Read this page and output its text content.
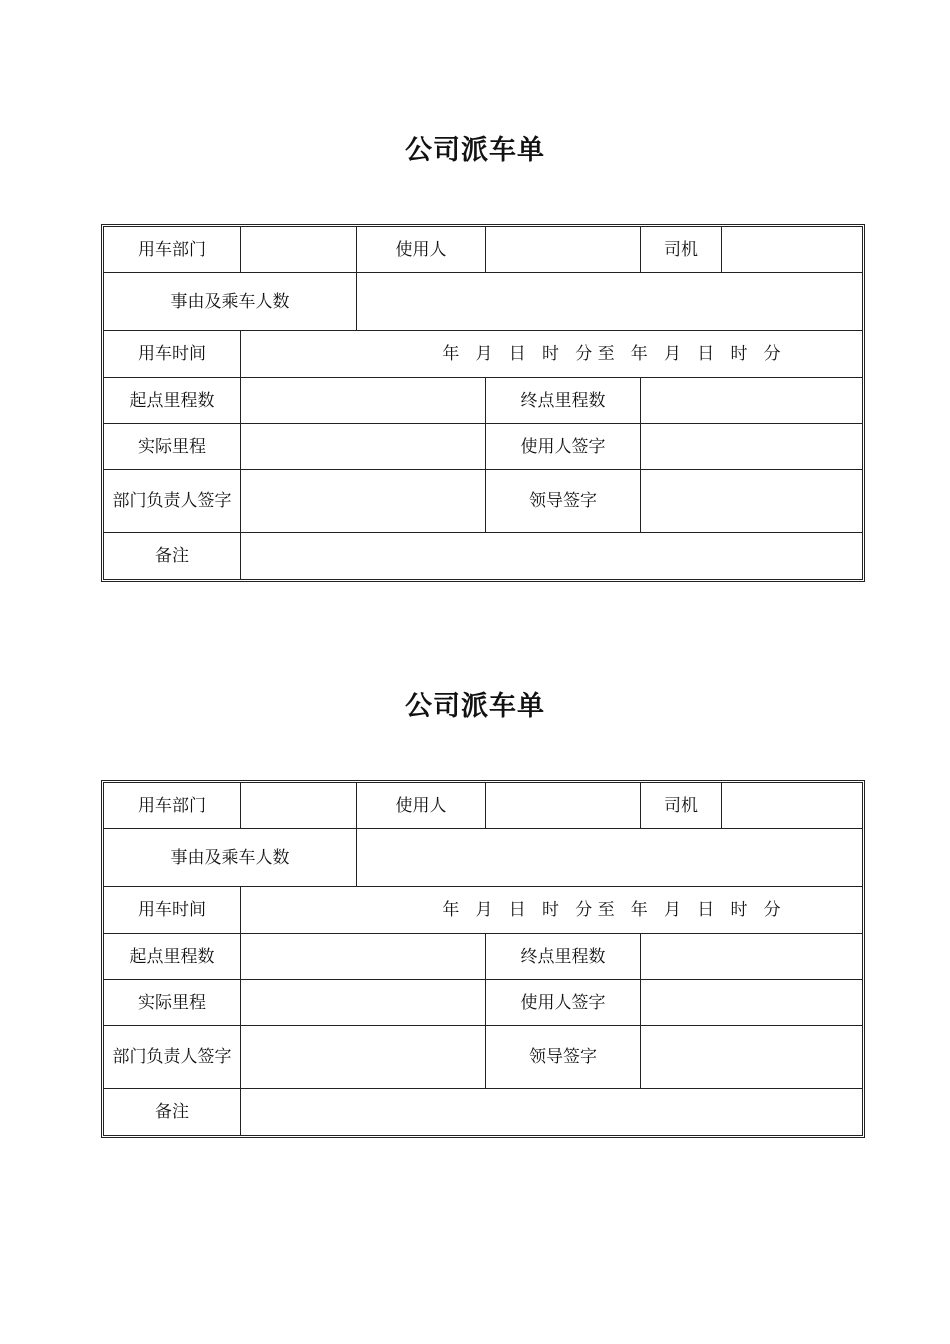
公司派车单
用车部门		使用人		司机	
事由及乘车人数					
用车时间	年   月   日   时   分 至   年   月   日   时   分				

起点里程数			终点里程数		
实际里程			使用人签字		
部门负责人签字			领导签字		
备注					
公司派车单
用车部门		使用人		司机	
事由及乘车人数					
用车时间	年   月   日   时   分 至   年   月   日   时   分				

起点里程数			终点里程数		
实际里程			使用人签字		
部门负责人签字			领导签字		
备注					
